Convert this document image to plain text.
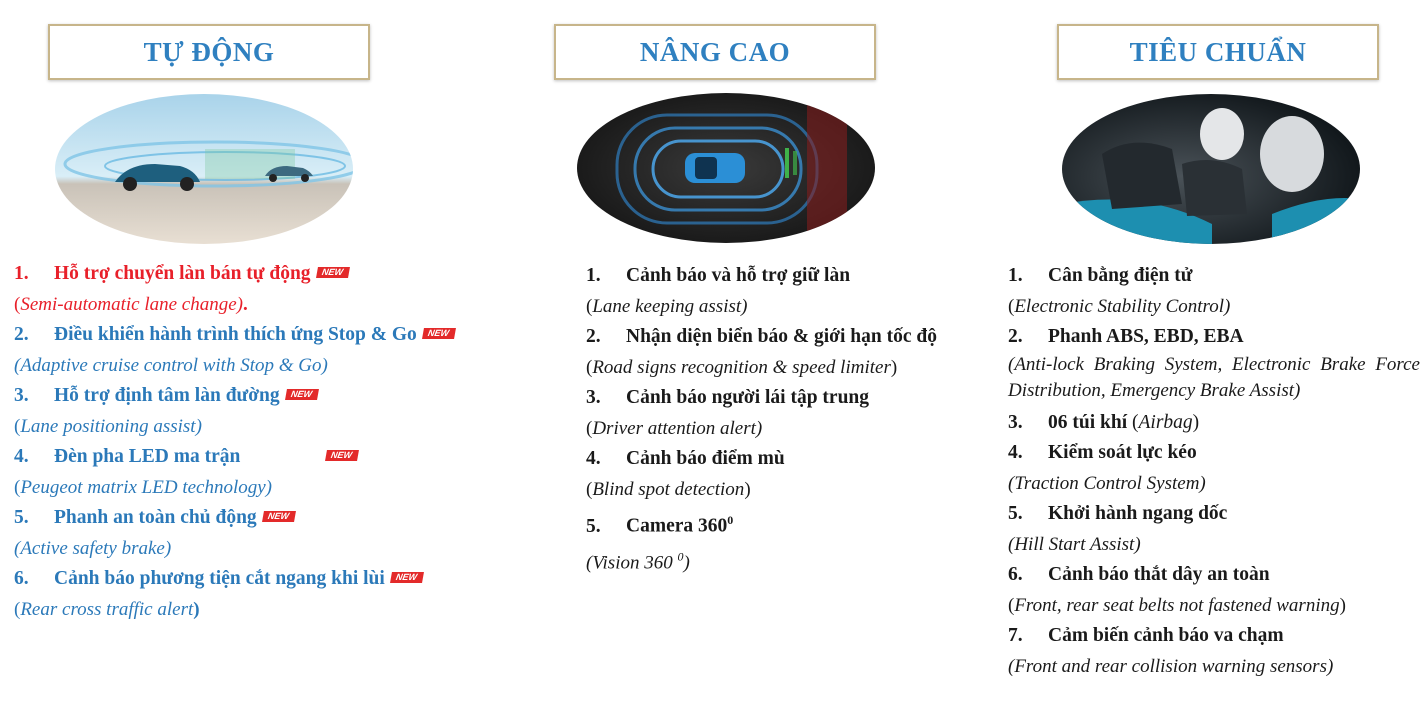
TỰ ĐỘNG
1. Hỗ trợ chuyển làn bán tự động NEW
(Semi-automatic lane change).
2. Điều khiển hành trình thích ứng Stop & Go NEW
(Adaptive cruise control with Stop & Go)
3. Hỗ trợ định tâm làn đường NEW
(Lane positioning assist)
4. Đèn pha LED ma trận	NEW
(Peugeot matrix LED technology)
5. Phanh an toàn chủ động NEW
(Active safety brake)
6. Cảnh báo phương tiện cắt ngang khi lùi NEW
(Rear cross traffic alert)
NÂNG CAO
1. Cảnh báo và hỗ trợ giữ làn
(Lane keeping assist)
2. Nhận diện biển báo & giới hạn tốc độ
(Road signs recognition & speed limiter)
3. Cảnh báo người lái tập trung
(Driver attention alert)
4. Cảnh báo điểm mù
(Blind spot detection)
5. Camera $360^0$
(Vision 360 $^0$)
TIÊU CHUẨN
1. Cân bằng điện tử
(Electronic Stability Control)
2. Phanh ABS, EBD, EBA
(Anti-lock Braking System, Electronic Brake Force Distribution, Emergency Brake Assist)
3. 06 túi khí (Airbag)
4. Kiểm soát lực kéo
(Traction Control System)
5. Khởi hành ngang dốc
(Hill Start Assist)
6. Cảnh báo thắt dây an toàn
(Front, rear seat belts not fastened warning)
7. Cảm biến cảnh báo va chạm
(Front and rear collision warning sensors)
